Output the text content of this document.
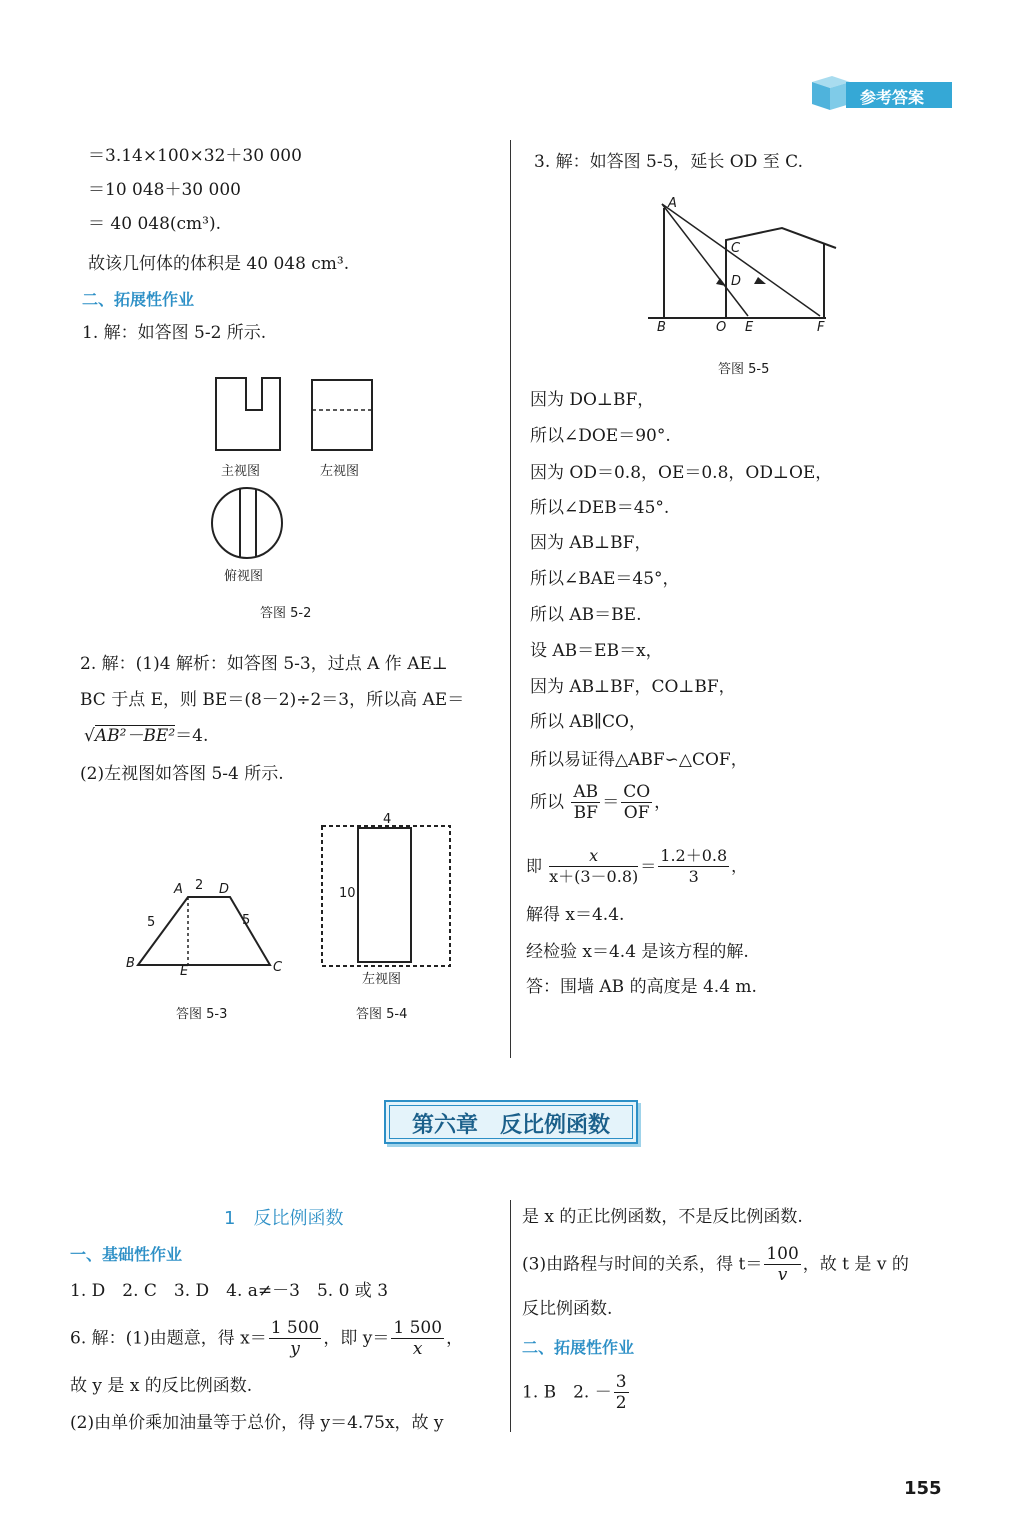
参考答案
＝3.14×100×32＋30 000
＝10 048＋30 000
＝ 40 048(cm³).
故该几何体的体积是 40 048 cm³.
二、拓展性作业
1. 解：如答图 5-2 所示.
主视图	左视图
俯视图
答图 5-2
2. 解：(1)4 解析：如答图 5-3，过点 A 作 AE⊥
BC 于点 E，则 BE＝(8－2)÷2＝3，所以高 AE＝
√AB²－BE²＝4.
(2)左视图如答图 5-4 所示.
A 2 D
5	5
B
E	C
答图 5-3
4
10
左视图
答图 5-4
3. 解：如答图 5-5，延长 OD 至 C.
A
C
D
B	O E	F
答图 5-5
因为 DO⊥BF，
所以∠DOE＝90°.
因为 OD＝0.8，OE＝0.8，OD⊥OE，
所以∠DEB＝45°.
因为 AB⊥BF，
所以∠BAE＝45°，
所以 AB＝BE.
设 AB＝EB＝x，
因为 AB⊥BF，CO⊥BF，
所以 AB∥CO，
所以易证得△ABF∽△COF，
所以 $\frac{AB}{BF} = \frac{CO}{OF}$ ，
即 $\frac{x}{x+(3-0.8)} = \frac{1.2+0.8}{3}$ ，
解得 x＝4.4.
经检验 x＝4.4 是该方程的解.
答：围墙 AB 的高度是 4.4 m.
第六章　反比例函数
1　反比例函数
一、基础性作业
1. D　2. C　3. D　4. a≠－3　5. 0 或 3
6. 解：(1)由题意，得 $x= \frac{1 500}{y}$ ，即 $y= \frac{1 500}{x}$ ，
故 y 是 x 的反比例函数.
(2)由单价乘加油量等于总价，得 y＝4.75x，故 y
是 x 的正比例函数，不是反比例函数.
(3)由路程与时间的关系，得 $t= \frac{100}{v}$ ，故 t 是 v 的
反比例函数.
二、拓展性作业
1. B　2. － $\frac{3}{2}$
155
